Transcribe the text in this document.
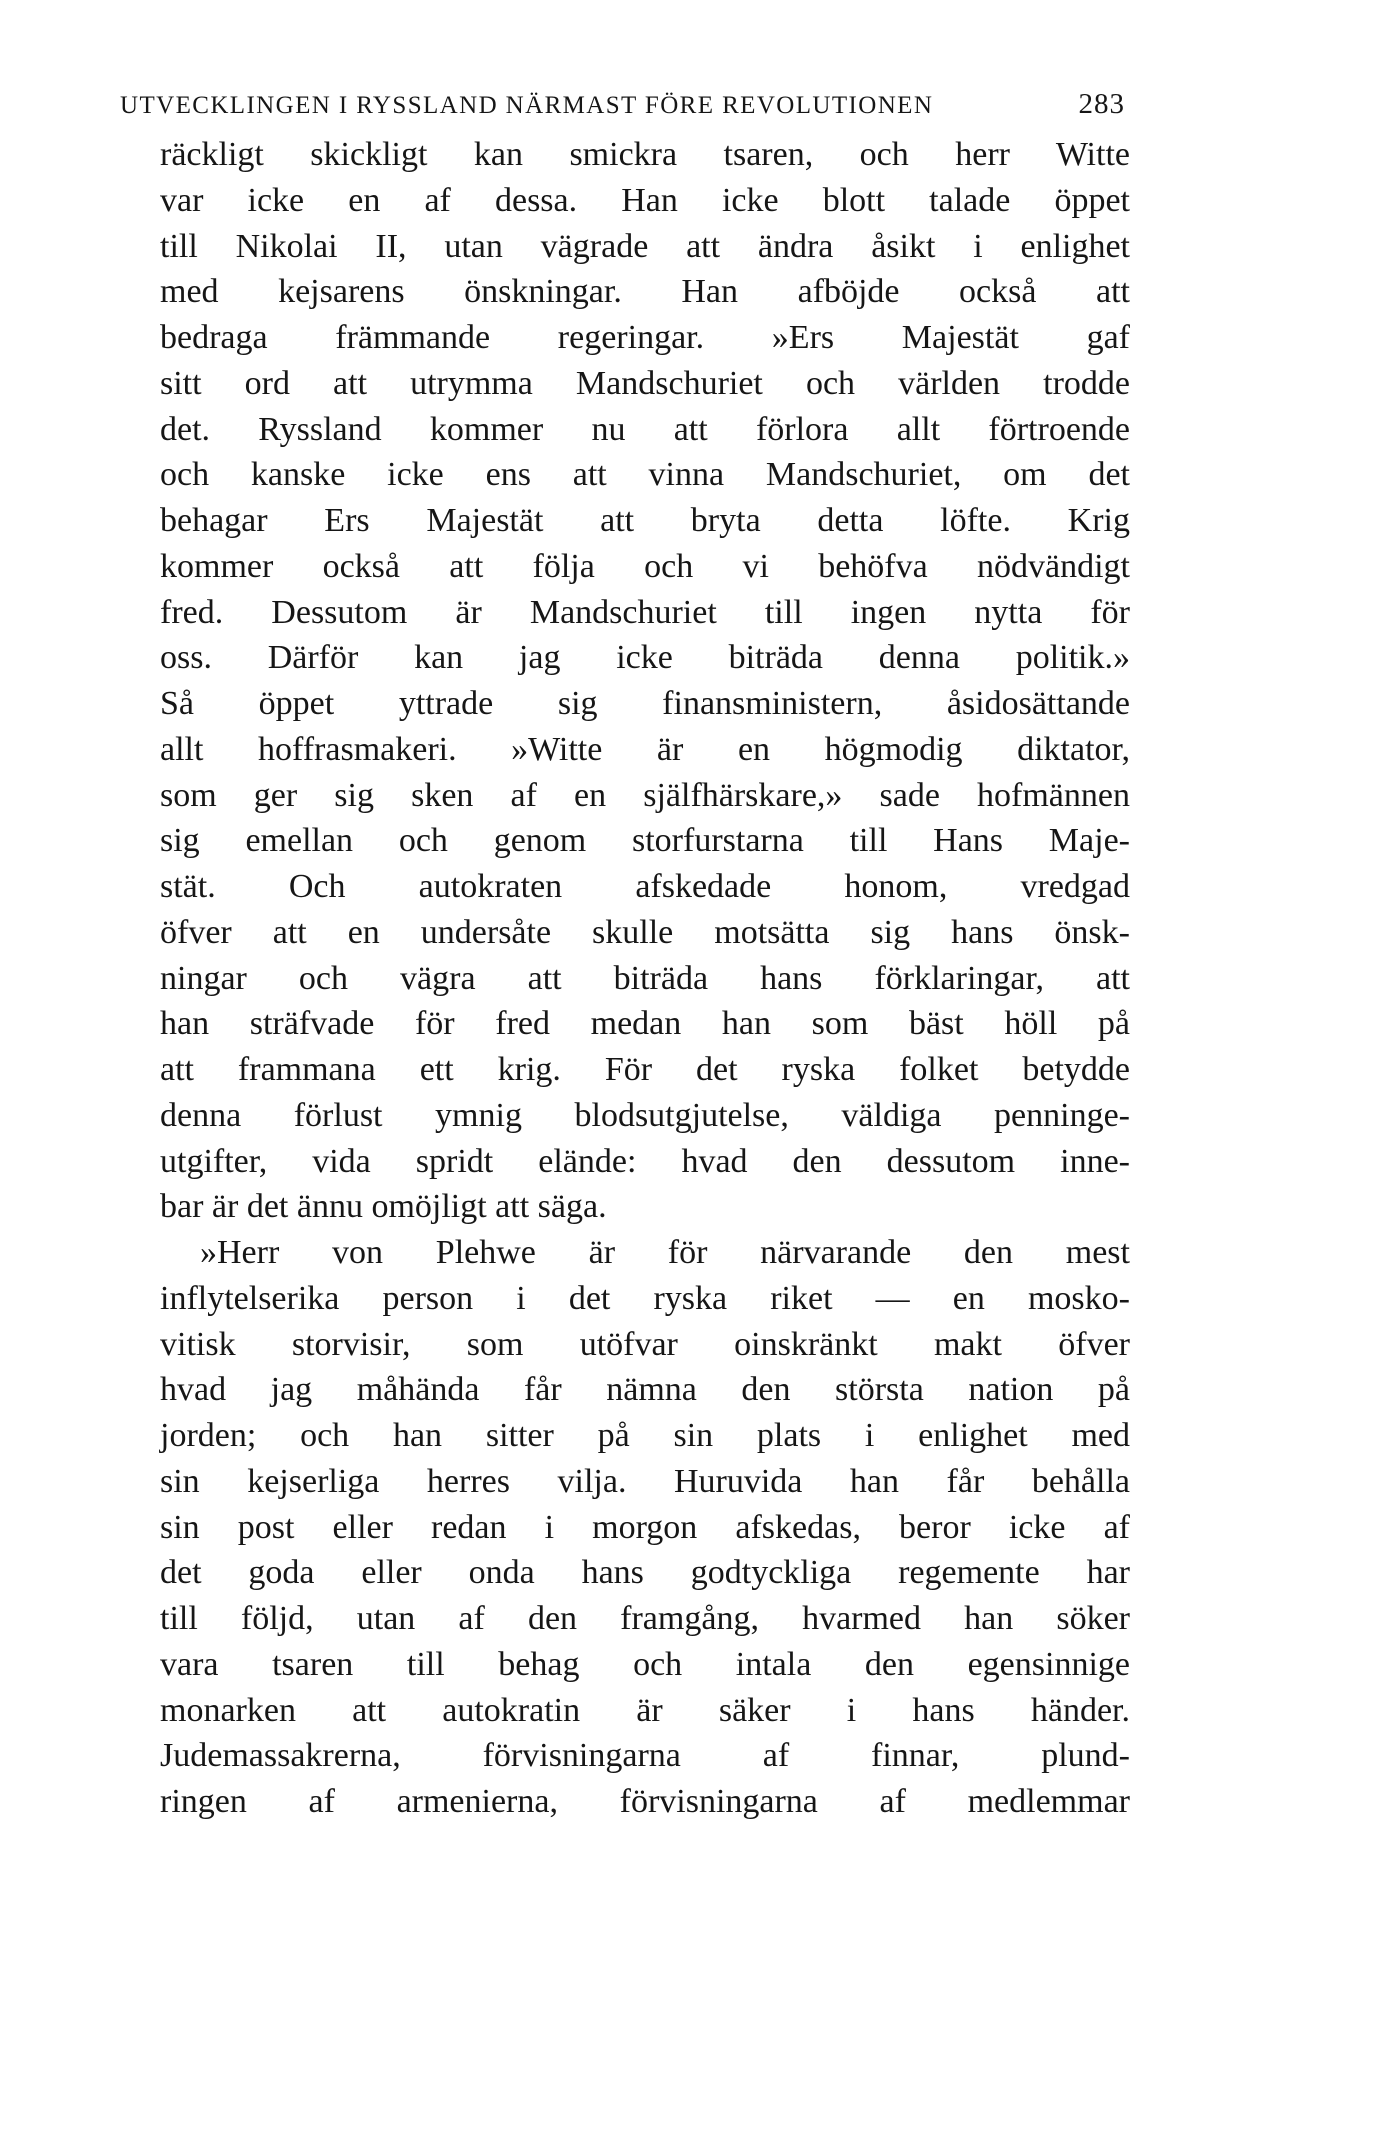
UTVECKLINGEN I RYSSLAND NÄRMAST FÖRE REVOLUTIONEN	283
räckligt skickligt kan smickra tsaren, och herr Witte
var icke en af dessa. Han icke blott talade öppet
till Nikolai II, utan vägrade att ändra åsikt i enlighet
med kejsarens önskningar. Han afböjde också att
bedraga främmande regeringar. »Ers Majestät gaf
sitt ord att utrymma Mandschuriet och världen trodde
det. Ryssland kommer nu att förlora allt förtroende
och kanske icke ens att vinna Mandschuriet, om det
behagar Ers Majestät att bryta detta löfte. Krig
kommer också att följa och vi behöfva nödvändigt
fred. Dessutom är Mandschuriet till ingen nytta för
oss. Därför kan jag icke biträda denna politik.»
Så öppet yttrade sig finansministern, åsidosättande
allt hoffrasmakeri. »Witte är en högmodig diktator,
som ger sig sken af en själfhärskare,» sade hofmännen
sig emellan och genom storfurstarna till Hans Maje-
stät. Och autokraten afskedade honom, vredgad
öfver att en undersåte skulle motsätta sig hans önsk-
ningar och vägra att biträda hans förklaringar, att
han sträfvade för fred medan han som bäst höll på
att frammana ett krig. För det ryska folket betydde
denna förlust ymnig blodsutgjutelse, väldiga penninge-
utgifter, vida spridt elände: hvad den dessutom inne-
bar är det ännu omöjligt att säga.
»Herr von Plehwe är för närvarande den mest
inflytelserika person i det ryska riket — en mosko-
vitisk storvisir, som utöfvar oinskränkt makt öfver
hvad jag måhända får nämna den största nation på
jorden; och han sitter på sin plats i enlighet med
sin kejserliga herres vilja. Huruvida han får behålla
sin post eller redan i morgon afskedas, beror icke af
det goda eller onda hans godtyckliga regemente har
till följd, utan af den framgång, hvarmed han söker
vara tsaren till behag och intala den egensinnige
monarken att autokratin är säker i hans händer.
Judemassakrerna, förvisningarna af finnar, plund-
ringen af armenierna, förvisningarna af medlemmar
